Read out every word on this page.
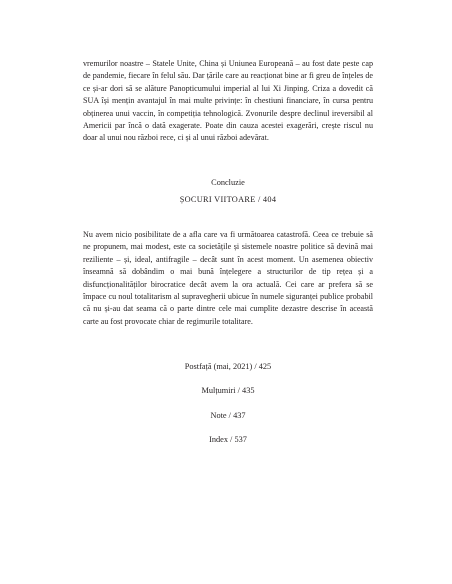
vremurilor noastre – Statele Unite, China și Uniunea Europeană – au fost date peste cap de pandemie, fiecare în felul său. Dar țările care au reacționat bine ar fi greu de înțeles de ce și-ar dori să se alăture Panopticumului imperial al lui Xi Jinping. Criza a dovedit că SUA își mențin avantajul în mai multe privințe: în chestiuni financiare, în cursa pentru obținerea unui vaccin, în competiția tehnologică. Zvonurile despre declinul ireversibil al Americii par încă o dată exagerate. Poate din cauza acestei exagerări, crește riscul nu doar al unui nou război rece, ci și al unui război adevărat.

Concluzie

ȘOCURI VIITOARE / 404

Nu avem nicio posibilitate de a afla care va fi următoarea catastrofă. Ceea ce trebuie să ne propunem, mai modest, este ca societățile și sistemele noastre politice să devină mai reziliente – și, ideal, antifragile – decât sunt în acest moment. Un asemenea obiectiv înseamnă să dobândim o mai bună înțelegere a structurilor de tip rețea și a disfuncționalităților birocratice decât avem la ora actuală. Cei care ar prefera să se împace cu noul totalitarism al supravegherii ubicue în numele siguranței publice probabil că nu și-au dat seama că o parte dintre cele mai cumplite dezastre descrise în această carte au fost provocate chiar de regimurile totalitare.

Postfață (mai, 2021) / 425

Mulțumiri / 435

Note / 437

Index / 537
